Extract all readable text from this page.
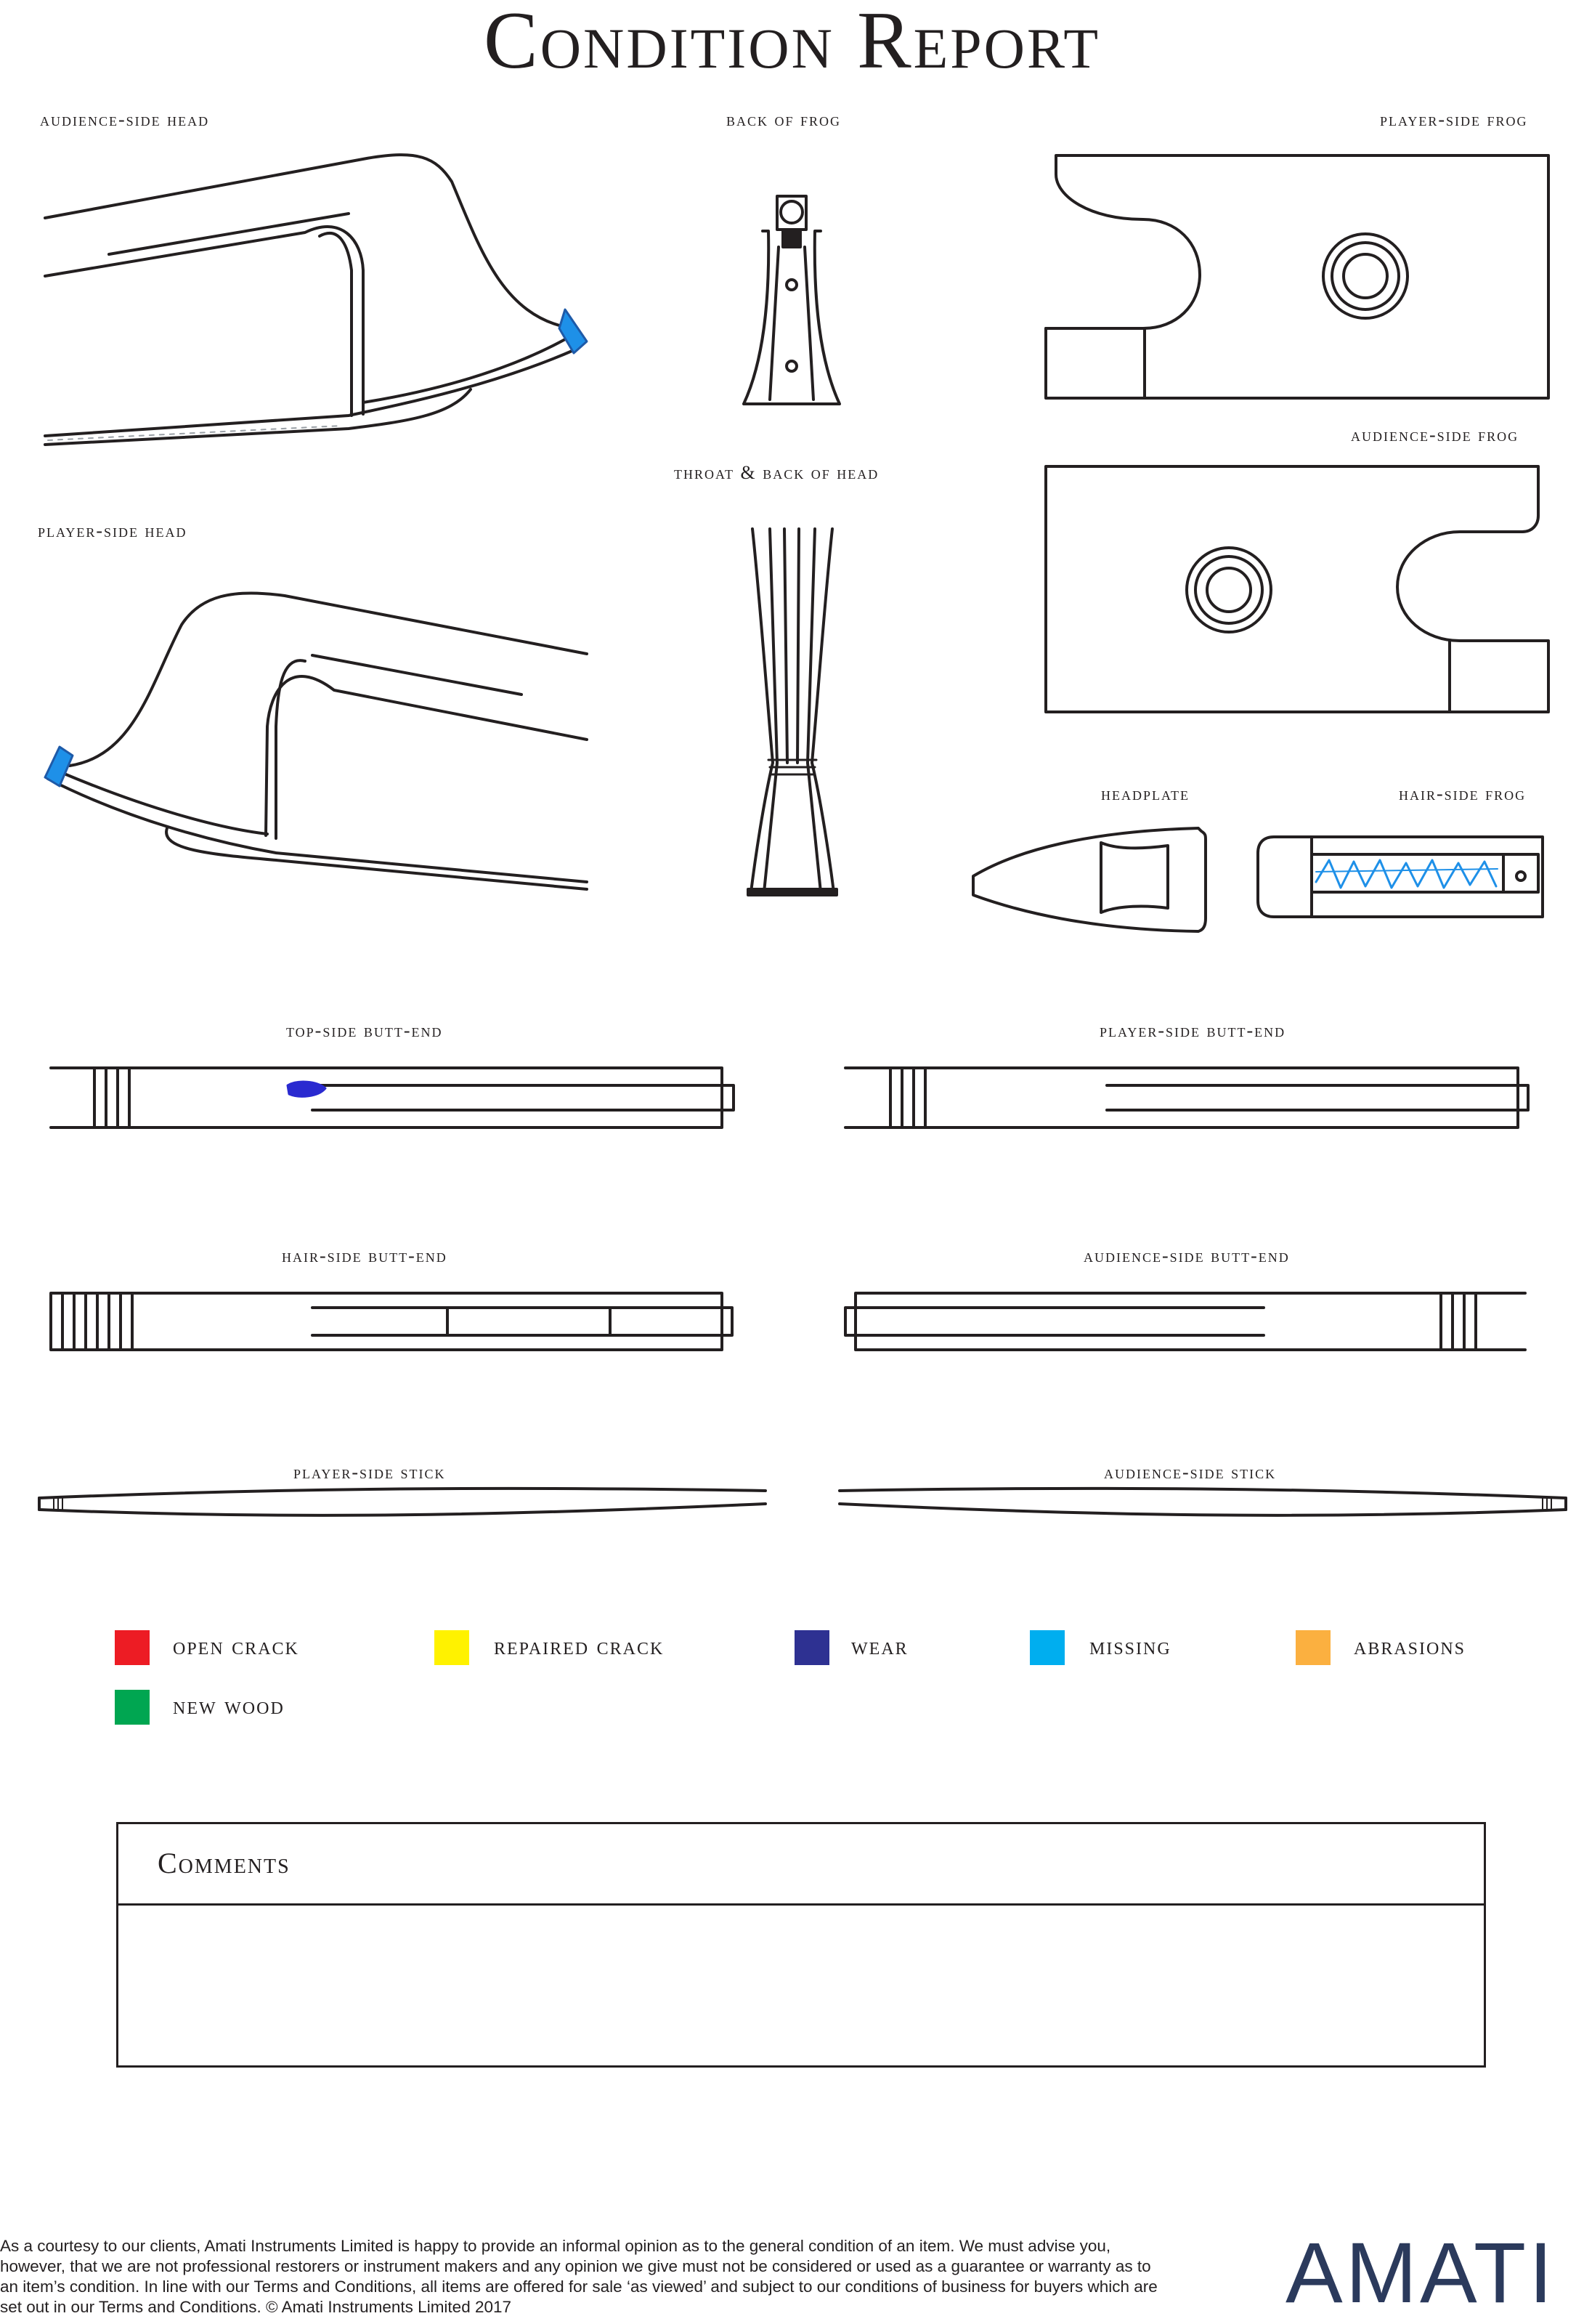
Condition Report
audience-side head	back of frog	player-side frog
audience-side frog
throat & back of head
player-side head
headplate	hair-side frog
top-side butt-end	player-side butt-end
hair-side butt-end	audience-side butt-end
player-side stick	audience-side stick
open crack	repaired crack	wear	missing	abrasions
new wood
Comments
As a courtesy to our clients, Amati Instruments Limited is happy to provide an informal opinion as to the general condition of an item. We must advise you, however, that we are not professional restorers or instrument makers and any opinion we give must not be considered or used as a guarantee or warranty as to an item’s condition. In line with our Terms and Conditions, all items are offered for sale ‘as viewed’ and subject to our conditions of business for buyers which are set out in our Terms and Conditions. © Amati Instruments Limited 2017	AMATI
